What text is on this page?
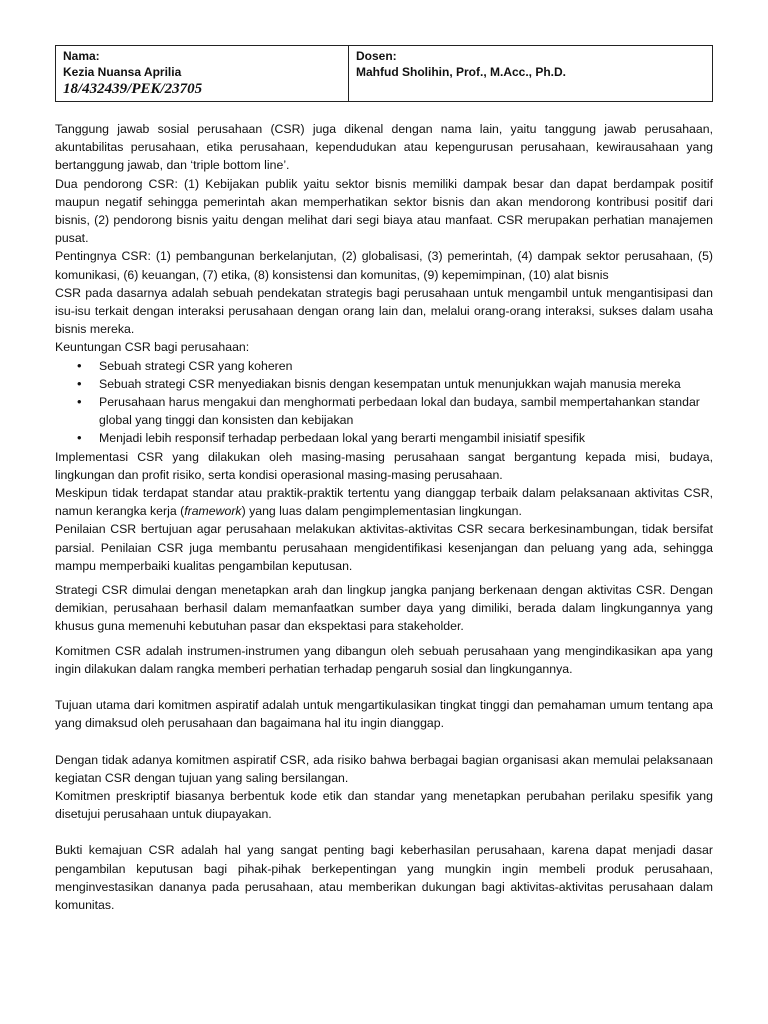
Nama:
Kezia Nuansa Aprilia
18/432439/PEK/23705
Dosen:
Mahfud Sholihin, Prof., M.Acc., Ph.D.

Tanggung jawab sosial perusahaan (CSR) juga dikenal dengan nama lain, yaitu tanggung jawab perusahaan, akuntabilitas perusahaan, etika perusahaan, kependudukan atau kepengurusan perusahaan, kewirausahaan yang bertanggung jawab, dan ‘triple bottom line’.

Dua pendorong CSR: (1) Kebijakan publik yaitu sektor bisnis memiliki dampak besar dan dapat berdampak positif maupun negatif sehingga pemerintah akan memperhatikan sektor bisnis dan akan mendorong kontribusi positif dari bisnis, (2) pendorong bisnis yaitu dengan melihat dari segi biaya atau manfaat. CSR merupakan perhatian manajemen pusat.

Pentingnya CSR: (1) pembangunan berkelanjutan, (2) globalisasi, (3) pemerintah, (4) dampak sektor perusahaan, (5) komunikasi, (6) keuangan, (7) etika, (8) konsistensi dan komunitas, (9) kepemimpinan, (10) alat bisnis

CSR pada dasarnya adalah sebuah pendekatan strategis bagi perusahaan untuk mengambil untuk mengantisipasi dan isu-isu terkait dengan interaksi perusahaan dengan orang lain dan, melalui orang-orang interaksi, sukses dalam usaha bisnis mereka.

Keuntungan CSR bagi perusahaan:

• Sebuah strategi CSR yang koheren
• Sebuah strategi CSR menyediakan bisnis dengan kesempatan untuk menunjukkan wajah manusia mereka
• Perusahaan harus mengakui dan menghormati perbedaan lokal dan budaya, sambil mempertahankan standar global yang tinggi dan konsisten dan kebijakan
• Menjadi lebih responsif terhadap perbedaan lokal yang berarti mengambil inisiatif spesifik

Implementasi CSR yang dilakukan oleh masing-masing perusahaan sangat bergantung kepada misi, budaya, lingkungan dan profit risiko, serta kondisi operasional masing-masing perusahaan.

Meskipun tidak terdapat standar atau praktik-praktik tertentu yang dianggap terbaik dalam pelaksanaan aktivitas CSR, namun kerangka kerja (framework) yang luas dalam pengimplementasian lingkungan.

Penilaian CSR bertujuan agar perusahaan melakukan aktivitas-aktivitas CSR secara berkesinambungan, tidak bersifat parsial. Penilaian CSR juga membantu perusahaan mengidentifikasi kesenjangan dan peluang yang ada, sehingga mampu memperbaiki kualitas pengambilan keputusan.

Strategi CSR dimulai dengan menetapkan arah dan lingkup jangka panjang berkenaan dengan aktivitas CSR. Dengan demikian, perusahaan berhasil dalam memanfaatkan sumber daya yang dimiliki, berada dalam lingkungannya yang khusus guna memenuhi kebutuhan pasar dan ekspektasi para stakeholder.

Komitmen CSR adalah instrumen-instrumen yang dibangun oleh sebuah perusahaan yang mengindikasikan apa yang ingin dilakukan dalam rangka memberi perhatian terhadap pengaruh sosial dan lingkungannya.

Tujuan utama dari komitmen aspiratif adalah untuk mengartikulasikan tingkat tinggi dan pemahaman umum tentang apa yang dimaksud oleh perusahaan dan bagaimana hal itu ingin dianggap.

Dengan tidak adanya komitmen aspiratif CSR, ada risiko bahwa berbagai bagian organisasi akan memulai pelaksanaan kegiatan CSR dengan tujuan yang saling bersilangan.

Komitmen preskriptif biasanya berbentuk kode etik dan standar yang menetapkan perubahan perilaku spesifik yang disetujui perusahaan untuk diupayakan.

Bukti kemajuan CSR adalah hal yang sangat penting bagi keberhasilan perusahaan, karena dapat menjadi dasar pengambilan keputusan bagi pihak-pihak berkepentingan yang mungkin ingin membeli produk perusahaan, menginvestasikan dananya pada perusahaan, atau memberikan dukungan bagi aktivitas-aktivitas perusahaan dalam komunitas.
